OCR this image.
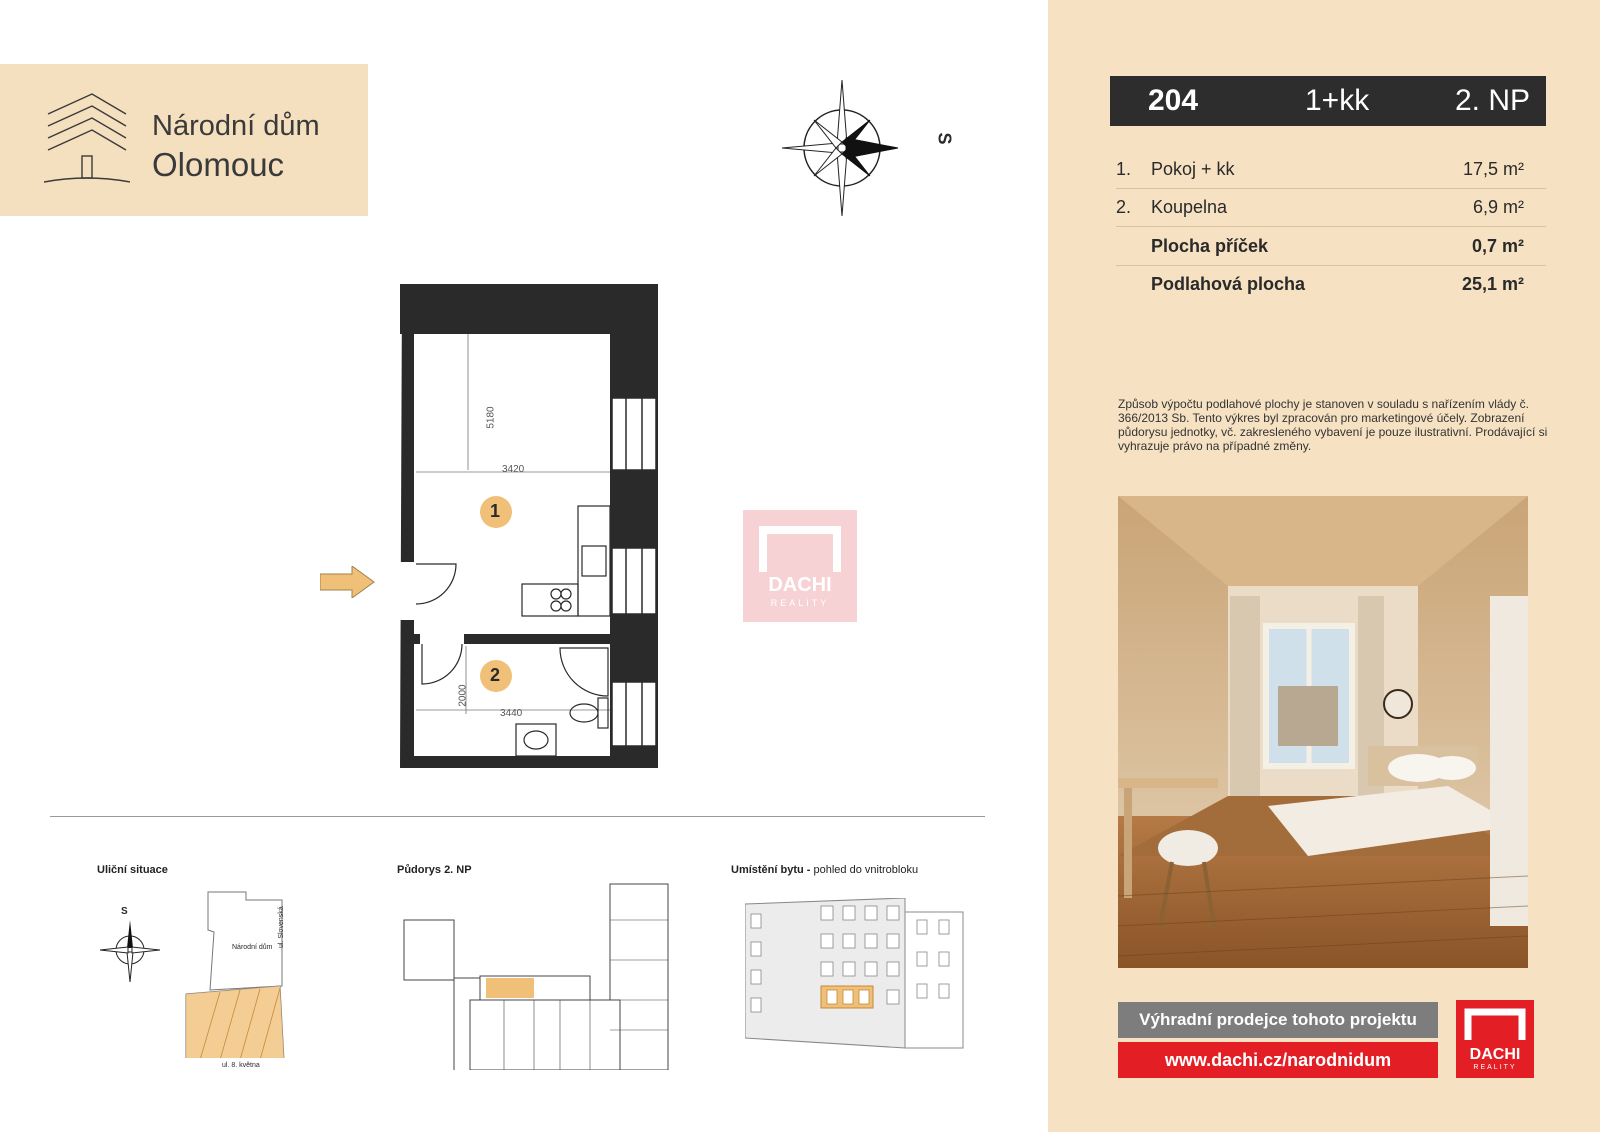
Národní dům
Olomouc
S
5180
3420
2000
3440
1
2
DACHI
REALITY
204	1+kk	2. NP
1. Pokoj + kk	17,5 m²
2. Koupelna	6,9 m²
Plocha příček	0,7 m²
Podlahová plocha	25,1 m²
Způsob výpočtu podlahové plochy je stanoven v souladu s nařízením vlády č. 366/2013 Sb. Tento výkres byl zpracován pro marketingové účely. Zobrazení půdorysu jednotky, vč. zakresleného vybavení je pouze ilustrativní. Prodávající si vyhrazuje právo na případné změny.
Výhradní prodejce tohoto projektu
www.dachi.cz/narodnidum	DACHI
REALITY
Uliční situace	Půdorys 2. NP	Umístění bytu - pohled do vnitrobloku
S
Národní dům ul. Slovenská
ul. 8. května
